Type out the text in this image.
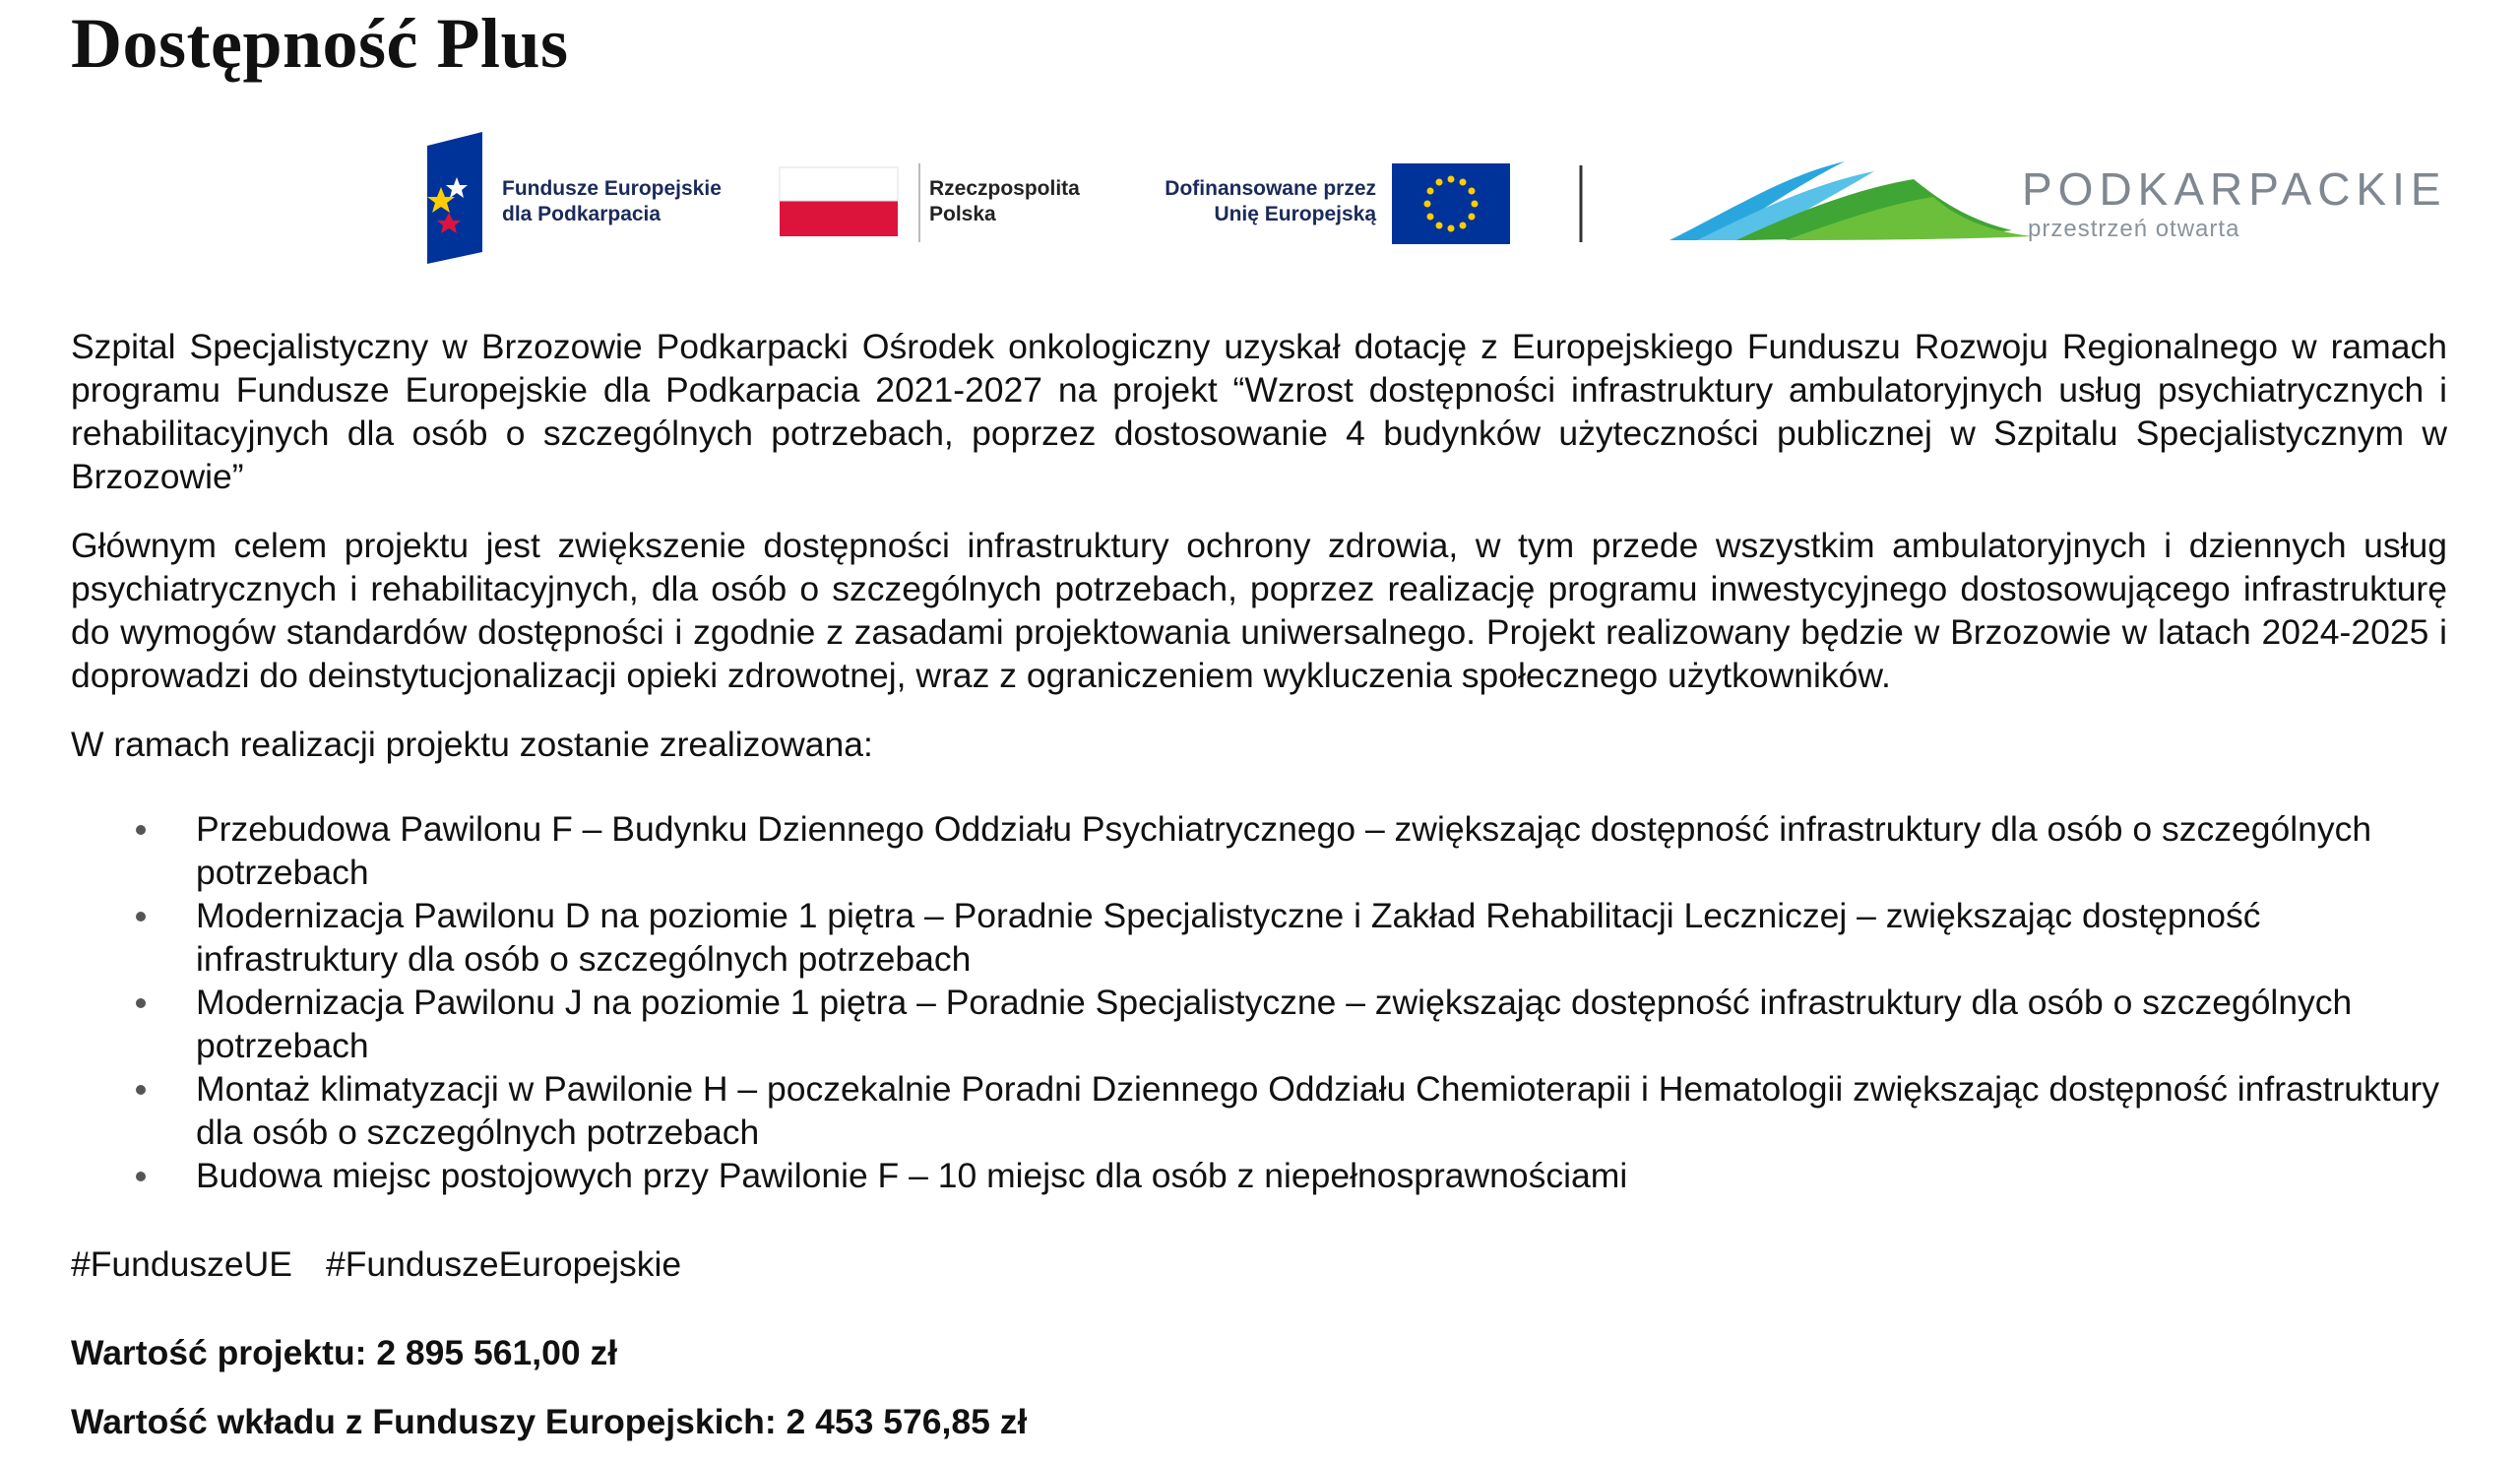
Dostępność Plus
Fundusze Europejskie
dla Podkarpacia
Rzeczpospolita
Polska
Dofinansowane przez
Unię Europejską	PODKARPACKIE
przestrzeń otwarta

Szpital Specjalistyczny w Brzozowie Podkarpacki Ośrodek onkologiczny uzyskał dotację z Europejskiego Funduszu Rozwoju Regionalnego w ramach programu Fundusze Europejskie dla Podkarpacia 2021-2027 na projekt “Wzrost dostępności infrastruktury ambulatoryjnych usług psychiatrycznych i rehabilitacyjnych dla osób o szczególnych potrzebach, poprzez dostosowanie 4 budynków użyteczności publicznej w Szpitalu Specjalistycznym w Brzozowie”

Głównym celem projektu jest zwiększenie dostępności infrastruktury ochrony zdrowia, w tym przede wszystkim ambulatoryjnych i dziennych usług psychiatrycznych i rehabilitacyjnych, dla osób o szczególnych potrzebach, poprzez realizację programu inwestycyjnego dostosowującego infrastrukturę do wymogów standardów dostępności i zgodnie z zasadami projektowania uniwersalnego. Projekt realizowany będzie w Brzozowie w latach 2024-2025 i doprowadzi do deinstytucjonalizacji opieki zdrowotnej, wraz z ograniczeniem wykluczenia społecznego użytkowników.

W ramach realizacji projektu zostanie zrealizowana:

Przebudowa Pawilonu F – Budynku Dziennego Oddziału Psychiatrycznego – zwiększając dostępność infrastruktury dla osób o szczególnych potrzebach
Modernizacja Pawilonu D na poziomie 1 piętra – Poradnie Specjalistyczne i Zakład Rehabilitacji Leczniczej – zwiększając dostępność infrastruktury dla osób o szczególnych potrzebach
Modernizacja Pawilonu J na poziomie 1 piętra – Poradnie Specjalistyczne – zwiększając dostępność infrastruktury dla osób o szczególnych potrzebach
Montaż klimatyzacji w Pawilonie H – poczekalnie Poradni Dziennego Oddziału Chemioterapii i Hematologii zwiększając dostępność infrastruktury dla osób o szczególnych potrzebach
Budowa miejsc postojowych przy Pawilonie F – 10 miejsc dla osób z niepełnosprawnościami
#FunduszeUE #FunduszeEuropejskie

Wartość projektu: 2 895 561,00 zł

Wartość wkładu z Funduszy Europejskich: 2 453 576,85 zł
